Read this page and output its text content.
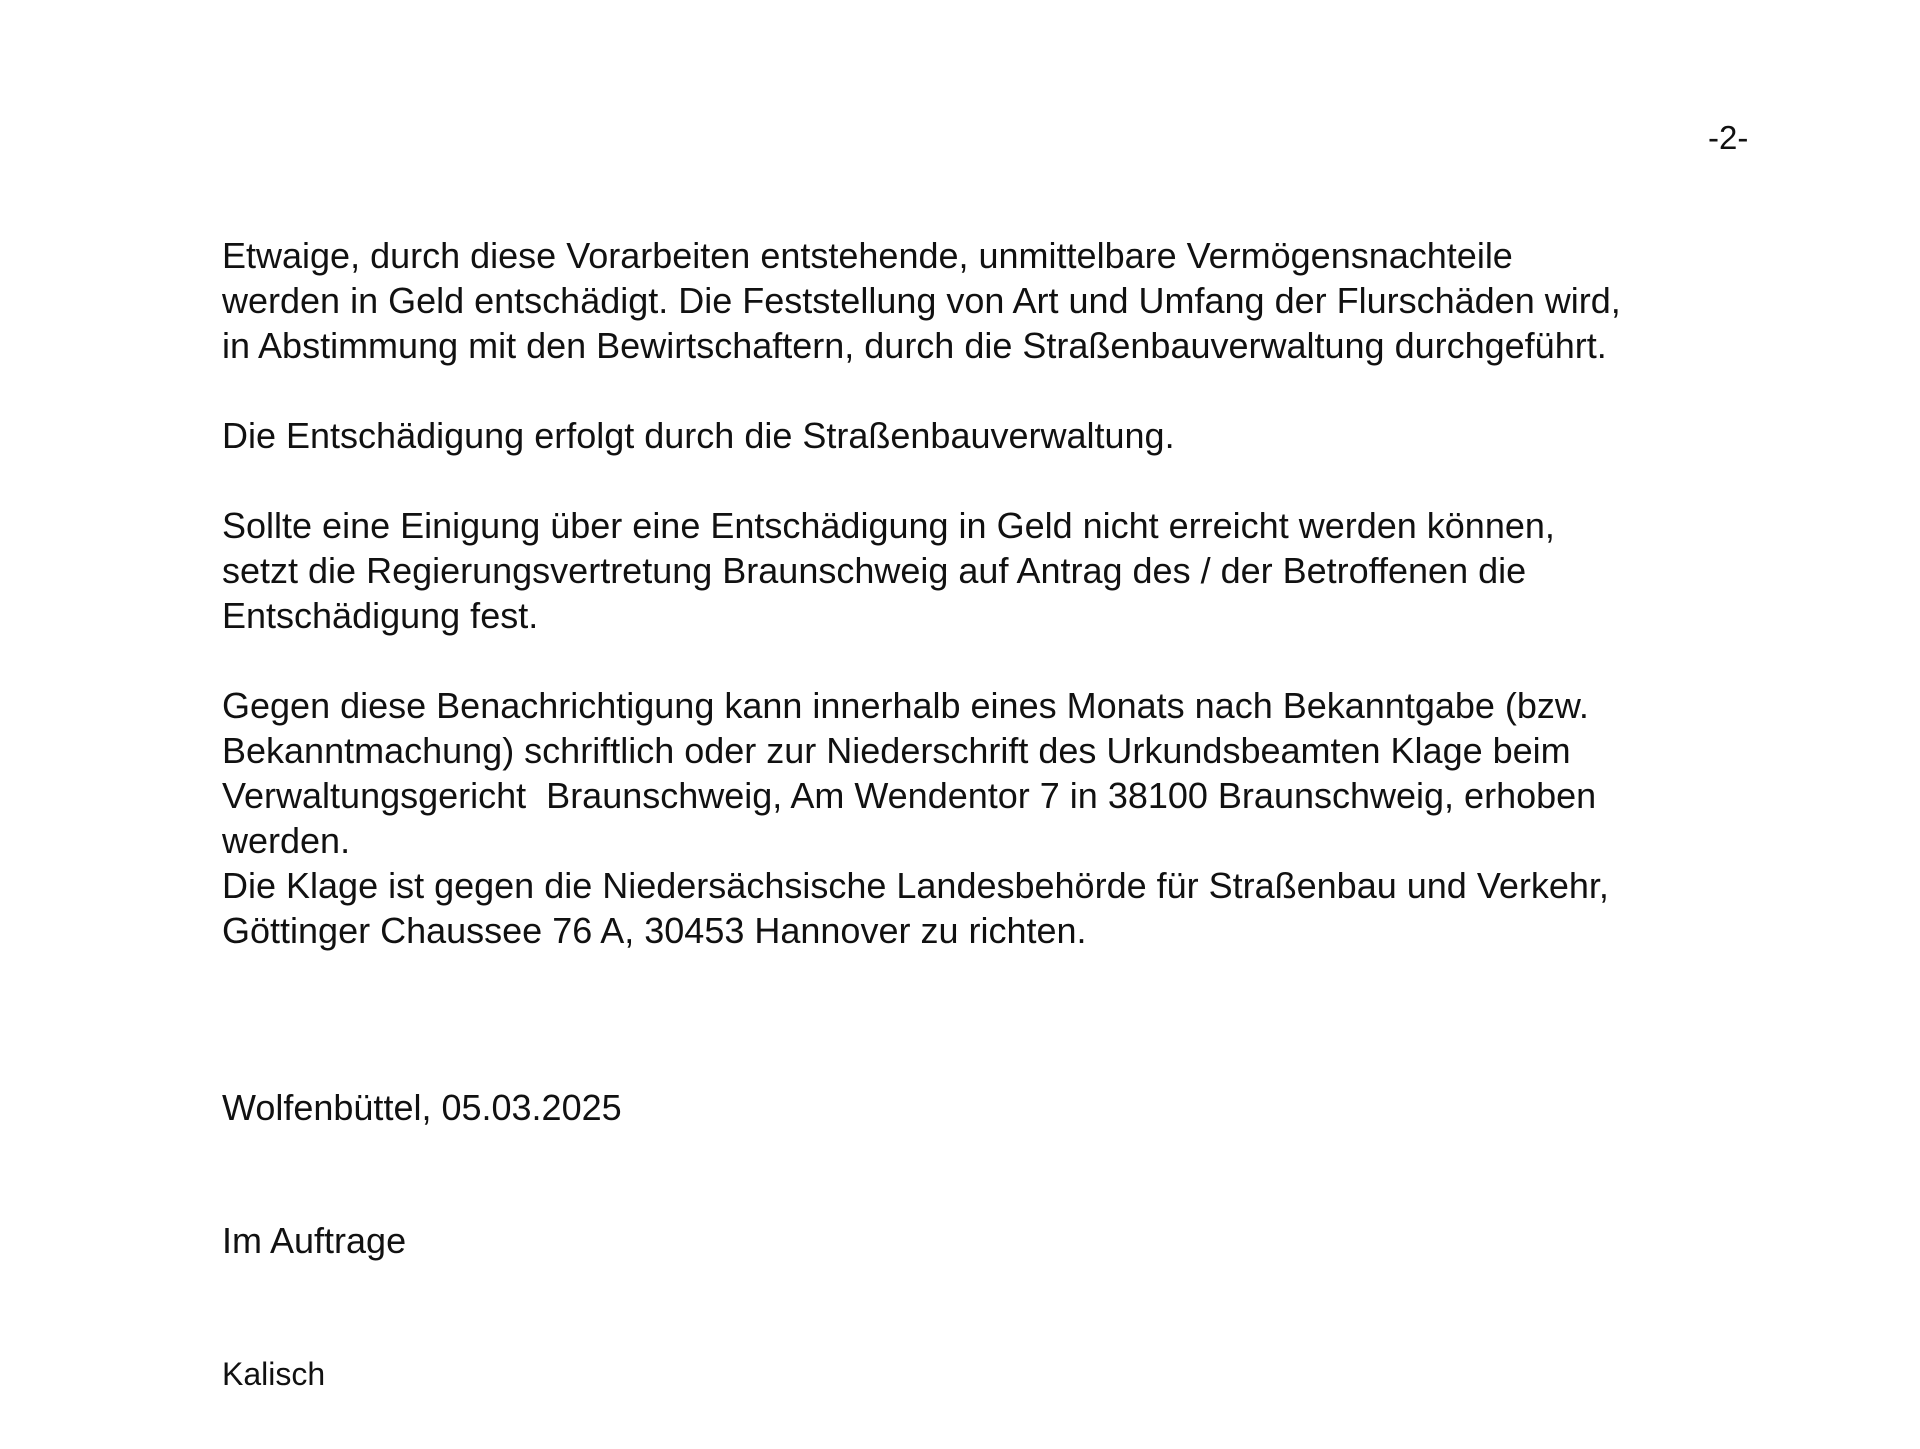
-2-
Etwaige, durch diese Vorarbeiten entstehende, unmittelbare Vermögensnachteile
werden in Geld entschädigt. Die Feststellung von Art und Umfang der Flurschäden wird,
in Abstimmung mit den Bewirtschaftern, durch die Straßenbauverwaltung durchgeführt.
Die Entschädigung erfolgt durch die Straßenbauverwaltung.
Sollte eine Einigung über eine Entschädigung in Geld nicht erreicht werden können,
setzt die Regierungsvertretung Braunschweig auf Antrag des / der Betroffenen die
Entschädigung fest.
Gegen diese Benachrichtigung kann innerhalb eines Monats nach Bekanntgabe (bzw.
Bekanntmachung) schriftlich oder zur Niederschrift des Urkundsbeamten Klage beim
Verwaltungsgericht  Braunschweig, Am Wendentor 7 in 38100 Braunschweig, erhoben
werden.
Die Klage ist gegen die Niedersächsische Landesbehörde für Straßenbau und Verkehr,
Göttinger Chaussee 76 A, 30453 Hannover zu richten.
Wolfenbüttel, 05.03.2025
Im Auftrage
Kalisch
